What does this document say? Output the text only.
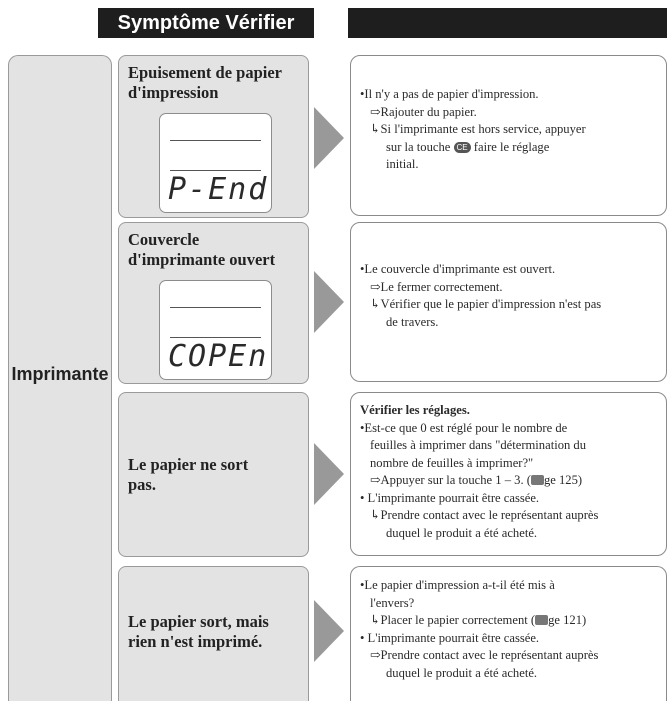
Symptôme Vérifier
Imprimante
Epuisement de papier
d'impression
P-End
•Il n'y a pas de papier d'impression.
⇨Rajouter du papier.
↳Si l'imprimante est hors service, appuyer
sur la touche CE faire le réglage
initial.
Couvercle
d'imprimante ouvert
COPEn
•Le couvercle d'imprimante est ouvert.
⇨Le fermer correctement.
↳Vérifier que le papier d'impression n'est pas
de travers.
Le papier ne sort
pas.
Vérifier les réglages.
•Est-ce que 0 est réglé pour le nombre de
feuilles à imprimer dans "détermination du
nombre de feuilles à imprimer?"
⇨Appuyer sur la touche 1 – 3. ( ge 125)
• L'imprimante pourrait être cassée.
↳Prendre contact avec le représentant auprès
duquel le produit a été acheté.
Le papier sort, mais
rien n'est imprimé.
•Le papier d'impression a-t-il été mis à
l'envers?
↳Placer le papier correctement ( ge 121)
• L'imprimante pourrait être cassée.
⇨Prendre contact avec le représentant auprès
duquel le produit a été acheté.
